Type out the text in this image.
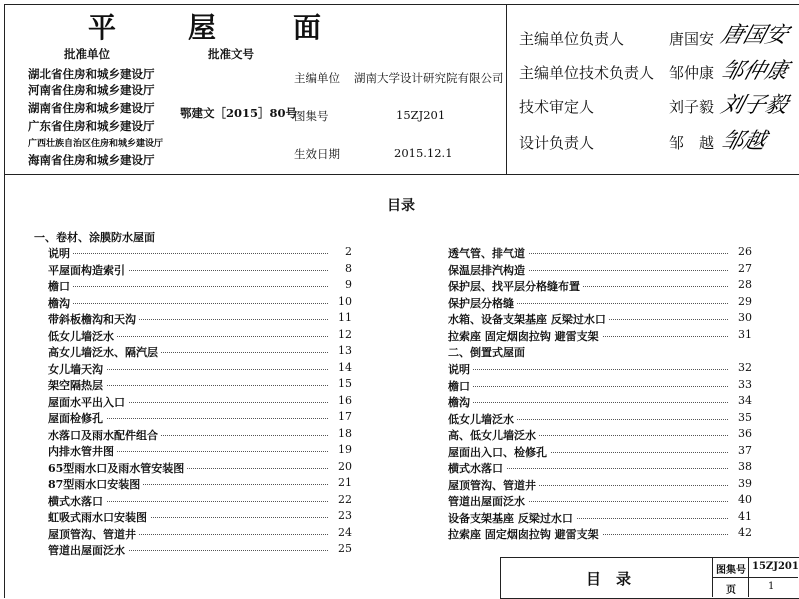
平 屋	面
批准单位	批准文号
湖北省住房和城乡建设厅
河南省住房和城乡建设厅
湖南省住房和城乡建设厅
广东省住房和城乡建设厅
广西壮族自治区住房和城乡建设厅
海南省住房和城乡建设厅
鄂建文［2015］80号
主编单位 湖南大学设计研究院有限公司
图集号	15ZJ201
生效日期	2015.12.1
主编单位负责人	唐国安 唐国安
主编单位技术负责人 邹仲康 邹仲康
技术审定人	刘子毅 刘子毅
设计负责人	邹　越 邹越
目录
一、卷材、涂膜防水屋面
说明	2
平屋面构造索引	8
檐口	9
檐沟	10
带斜板檐沟和天沟	11
低女儿墙泛水	12
高女儿墙泛水、隔汽层	13
女儿墙天沟	14
架空隔热层	15
屋面水平出入口	16
屋面检修孔	17
水落口及雨水配件组合	18
内排水管井图	19
65型雨水口及雨水管安装图	20
87型雨水口安装图	21
横式水落口	22
虹吸式雨水口安装图	23
屋顶管沟、管道井	24
管道出屋面泛水	25
透气管、排气道	26
保温层排汽构造	27
保护层、找平层分格缝布置	28
保护层分格缝	29
水箱、设备支架基座 反梁过水口	30
拉索座 固定烟囱拉钩 避雷支架	31
二、倒置式屋面
说明	32
檐口	33
檐沟	34
低女儿墙泛水	35
高、低女儿墙泛水	36
屋面出入口、检修孔	37
横式水落口	38
屋顶管沟、管道井	39
管道出屋面泛水	40
设备支架基座 反梁过水口	41
拉索座 固定烟囱拉钩 避雷支架	42
目　录	图集号 15ZJ201
页	1
